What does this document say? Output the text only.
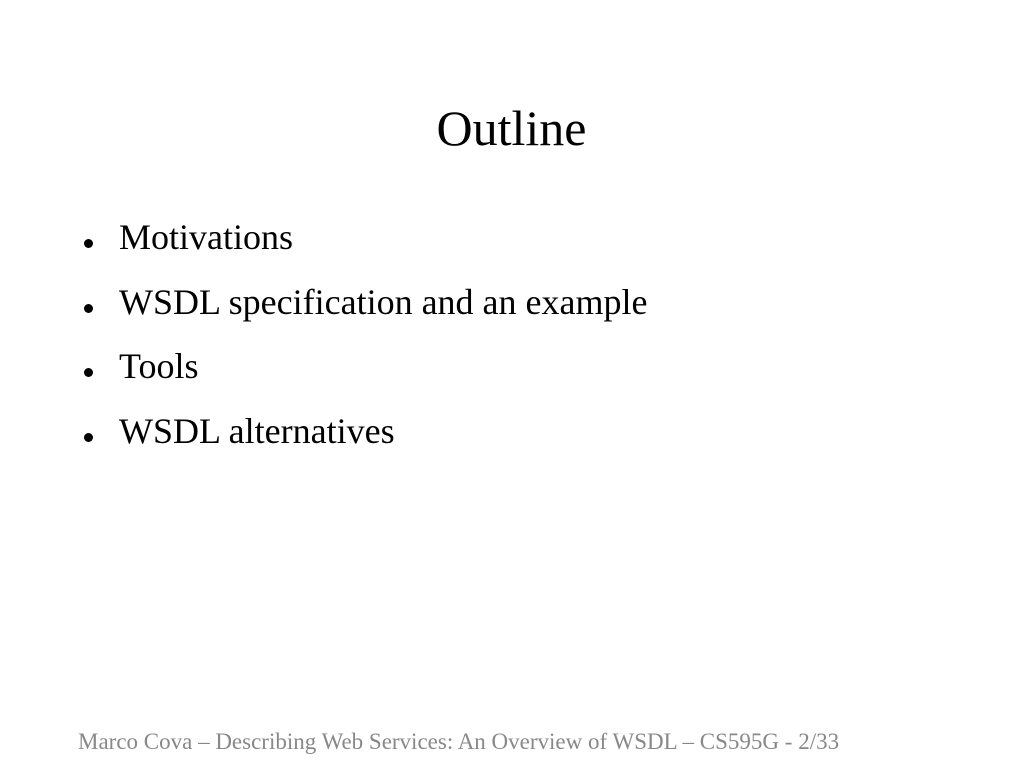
Outline
Motivations
WSDL specification and an example
Tools
WSDL alternatives
Marco Cova – Describing Web Services: An Overview of WSDL – CS595G - 2/33
